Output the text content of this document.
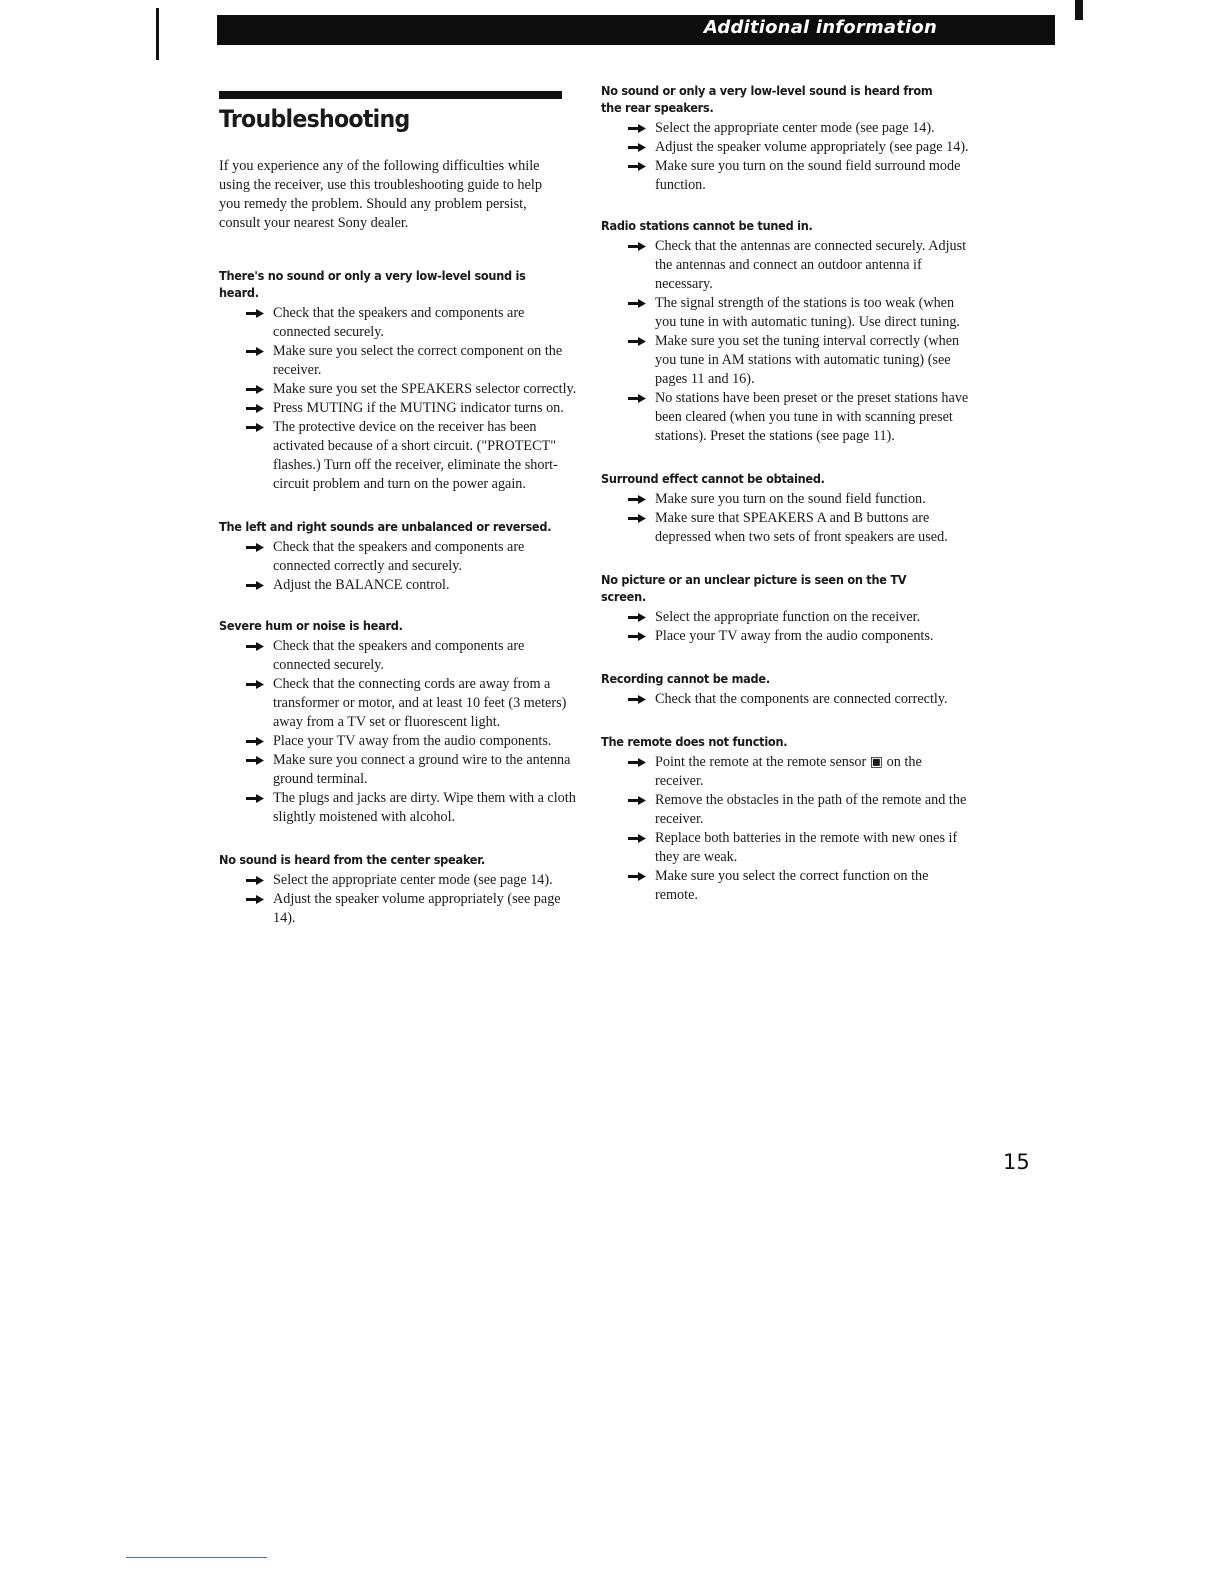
Additional information
Troubleshooting

If you experience any of the following difficulties while using the receiver, use this troubleshooting guide to help you remedy the problem. Should any problem persist, consult your nearest Sony dealer.

There's no sound or only a very low-level sound is heard.
Check that the speakers and components are connected securely.
Make sure you select the correct component on the receiver.
Make sure you set the SPEAKERS selector correctly.
Press MUTING if the MUTING indicator turns on.
The protective device on the receiver has been activated because of a short circuit. ("PROTECT" flashes.) Turn off the receiver, eliminate the short-circuit problem and turn on the power again.
The left and right sounds are unbalanced or reversed.
Check that the speakers and components are connected correctly and securely.
Adjust the BALANCE control.
Severe hum or noise is heard.
Check that the speakers and components are connected securely.
Check that the connecting cords are away from a transformer or motor, and at least 10 feet (3 meters) away from a TV set or fluorescent light.
Place your TV away from the audio components.
Make sure you connect a ground wire to the antenna ground terminal.
The plugs and jacks are dirty. Wipe them with a cloth slightly moistened with alcohol.
No sound is heard from the center speaker.
Select the appropriate center mode (see page 14).
Adjust the speaker volume appropriately (see page 14).
No sound or only a very low-level sound is heard from the rear speakers.
Select the appropriate center mode (see page 14).
Adjust the speaker volume appropriately (see page 14).
Make sure you turn on the sound field surround mode function.
Radio stations cannot be tuned in.
Check that the antennas are connected securely. Adjust the antennas and connect an outdoor antenna if necessary.
The signal strength of the stations is too weak (when you tune in with automatic tuning). Use direct tuning.
Make sure you set the tuning interval correctly (when you tune in AM stations with automatic tuning) (see pages 11 and 16).
No stations have been preset or the preset stations have been cleared (when you tune in with scanning preset stations). Preset the stations (see page 11).
Surround effect cannot be obtained.
Make sure you turn on the sound field function.
Make sure that SPEAKERS A and B buttons are depressed when two sets of front speakers are used.
No picture or an unclear picture is seen on the TV screen.
Select the appropriate function on the receiver.
Place your TV away from the audio components.
Recording cannot be made.
Check that the components are connected correctly.
The remote does not function.
Point the remote at the remote sensor ▣ on the receiver.
Remove the obstacles in the path of the remote and the receiver.
Replace both batteries in the remote with new ones if they are weak.
Make sure you select the correct function on the remote.
15
